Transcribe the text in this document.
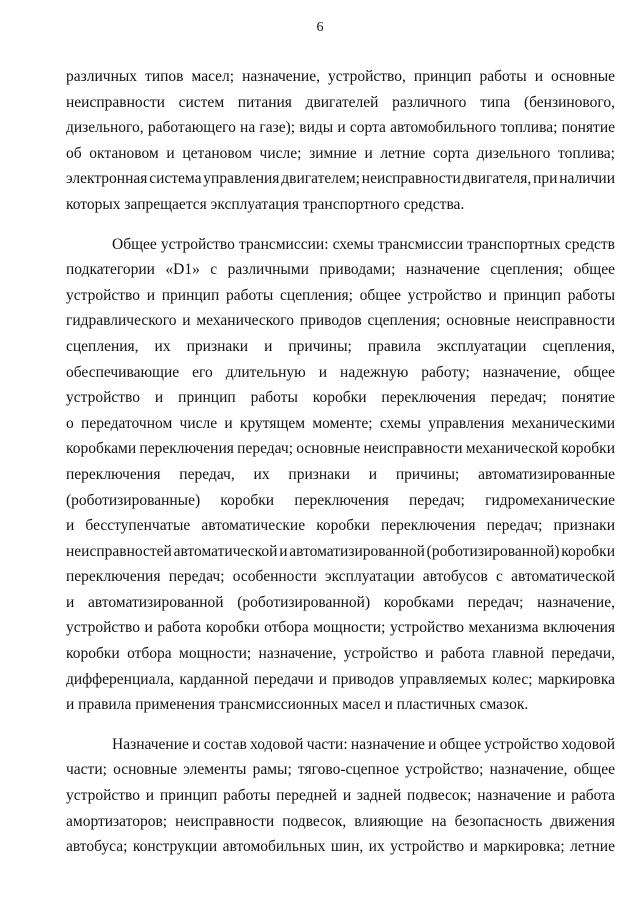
6
различных типов масел; назначение, устройство, принцип работы и основные
неисправности систем питания двигателей различного типа (бензинового,
дизельного, работающего на газе); виды и сорта автомобильного топлива; понятие
об октановом и цетановом числе; зимние и летние сорта дизельного топлива;
электронная система управления двигателем; неисправности двигателя, при наличии
которых запрещается эксплуатация транспортного средства.
Общее устройство трансмиссии: схемы трансмиссии транспортных средств
подкатегории «D1» с различными приводами; назначение сцепления; общее
устройство и принцип работы сцепления; общее устройство и принцип работы
гидравлического и механического приводов сцепления; основные неисправности
сцепления, их признаки и причины; правила эксплуатации сцепления,
обеспечивающие его длительную и надежную работу; назначение, общее
устройство и принцип работы коробки переключения передач; понятие
о передаточном числе и крутящем моменте; схемы управления механическими
коробками переключения передач; основные неисправности механической коробки
переключения передач, их признаки и причины; автоматизированные
(роботизированные) коробки переключения передач; гидромеханические
и бесступенчатые автоматические коробки переключения передач; признаки
неисправностей автоматической и автоматизированной (роботизированной) коробки
переключения передач; особенности эксплуатации автобусов с автоматической
и автоматизированной (роботизированной) коробками передач; назначение,
устройство и работа коробки отбора мощности; устройство механизма включения
коробки отбора мощности; назначение, устройство и работа главной передачи,
дифференциала, карданной передачи и приводов управляемых колес; маркировка
и правила применения трансмиссионных масел и пластичных смазок.
Назначение и состав ходовой части: назначение и общее устройство ходовой
части; основные элементы рамы; тягово-сцепное устройство; назначение, общее
устройство и принцип работы передней и задней подвесок; назначение и работа
амортизаторов; неисправности подвесок, влияющие на безопасность движения
автобуса; конструкции автомобильных шин, их устройство и маркировка; летние
